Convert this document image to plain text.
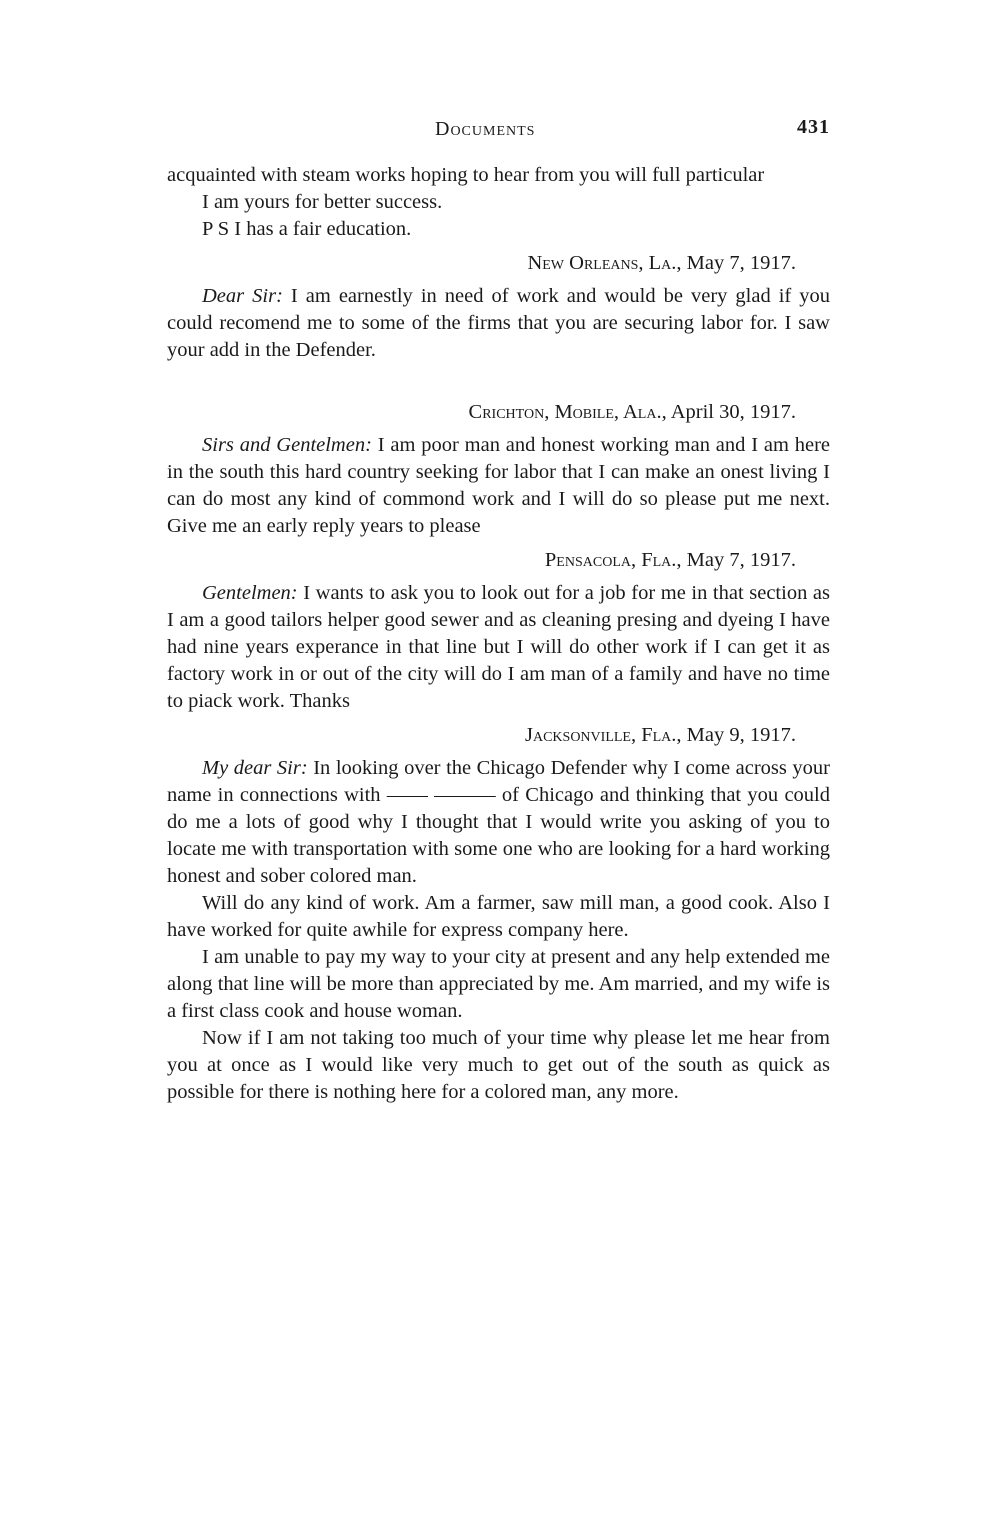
Documents	431

acquainted with steam works hoping to hear from you will full particular

I am yours for better success.

P S I has a fair education.

New Orleans, La., May 7, 1917.

Dear Sir: I am earnestly in need of work and would be very glad if you could recomend me to some of the firms that you are securing labor for. I saw your add in the Defender.

Crichton, Mobile, Ala., April 30, 1917.

Sirs and Gentelmen: I am poor man and honest working man and I am here in the south this hard country seeking for labor that I can make an onest living I can do most any kind of commond work and I will do so please put me next. Give me an early reply years to please

Pensacola, Fla., May 7, 1917.

Gentelmen: I wants to ask you to look out for a job for me in that section as I am a good tailors helper good sewer and as cleaning presing and dyeing I have had nine years experance in that line but I will do other work if I can get it as factory work in or out of the city will do I am man of a family and have no time to piack work. Thanks

Jacksonville, Fla., May 9, 1917.

My dear Sir: In looking over the Chicago Defender why I come across your name in connections with —— ——— of Chicago and thinking that you could do me a lots of good why I thought that I would write you asking of you to locate me with transportation with some one who are looking for a hard working honest and sober colored man.

Will do any kind of work. Am a farmer, saw mill man, a good cook. Also I have worked for quite awhile for express company here.

I am unable to pay my way to your city at present and any help extended me along that line will be more than appreciated by me. Am married, and my wife is a first class cook and house woman.

Now if I am not taking too much of your time why please let me hear from you at once as I would like very much to get out of the south as quick as possible for there is nothing here for a colored man, any more.
